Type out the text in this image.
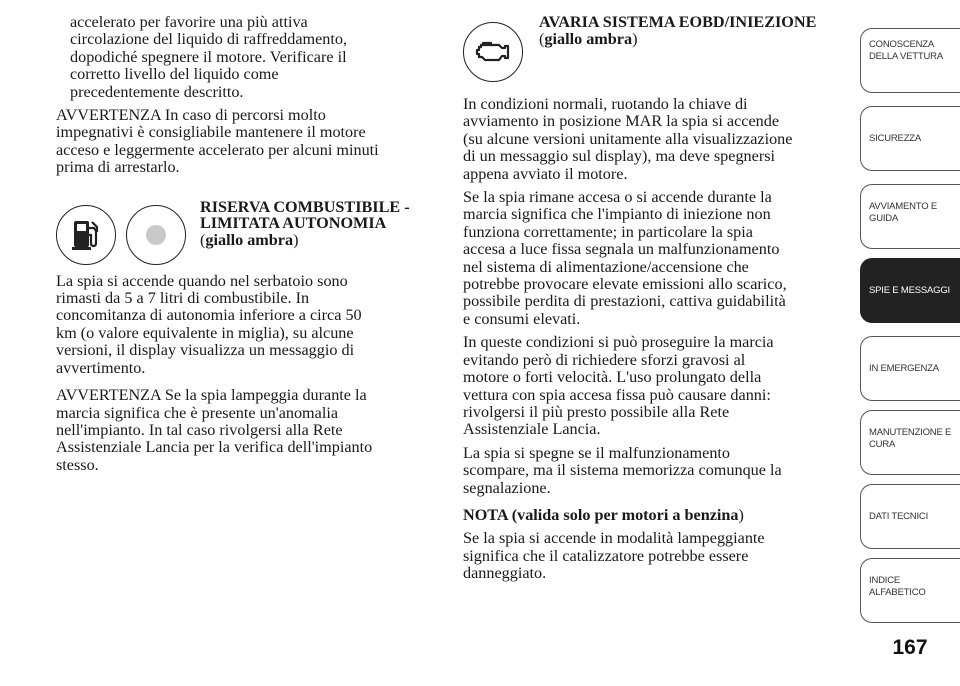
accelerato per favorire una più attiva
circolazione del liquido di raffreddamento,
dopodiché spegnere il motore. Verificare il
corretto livello del liquido come
precedentemente descritto.

AVVERTENZA In caso di percorsi molto
impegnativi è consigliabile mantenere il motore
acceso e leggermente accelerato per alcuni minuti
prima di arrestarlo.

RISERVA COMBUSTIBILE -
LIMITATA AUTONOMIA
(giallo ambra)

La spia si accende quando nel serbatoio sono
rimasti da 5 a 7 litri di combustibile. In
concomitanza di autonomia inferiore a circa 50
km (o valore equivalente in miglia), su alcune
versioni, il display visualizza un messaggio di
avvertimento.

AVVERTENZA Se la spia lampeggia durante la
marcia significa che è presente un'anomalia
nell'impianto. In tal caso rivolgersi alla Rete
Assistenziale Lancia per la verifica dell'impianto
stesso.

AVARIA SISTEMA EOBD/INIEZIONE
(giallo ambra)

In condizioni normali, ruotando la chiave di
avviamento in posizione MAR la spia si accende
(su alcune versioni unitamente alla visualizzazione
di un messaggio sul display), ma deve spegnersi
appena avviato il motore.

Se la spia rimane accesa o si accende durante la
marcia significa che l'impianto di iniezione non
funziona correttamente; in particolare la spia
accesa a luce fissa segnala un malfunzionamento
nel sistema di alimentazione/accensione che
potrebbe provocare elevate emissioni allo scarico,
possibile perdita di prestazioni, cattiva guidabilità
e consumi elevati.

In queste condizioni si può proseguire la marcia
evitando però di richiedere sforzi gravosi al
motore o forti velocità. L'uso prolungato della
vettura con spia accesa fissa può causare danni:
rivolgersi il più presto possibile alla Rete
Assistenziale Lancia.

La spia si spegne se il malfunzionamento
scompare, ma il sistema memorizza comunque la
segnalazione.

NOTA (valida solo per motori a benzina)

Se la spia si accende in modalità lampeggiante
significa che il catalizzatore potrebbe essere
danneggiato.

CONOSCENZA
DELLA VETTURA
SICUREZZA
AVVIAMENTO E
GUIDA
SPIE E MESSAGGI
IN EMERGENZA
MANUTENZIONE E
CURA
DATI TECNICI
INDICE
ALFABETICO
167
